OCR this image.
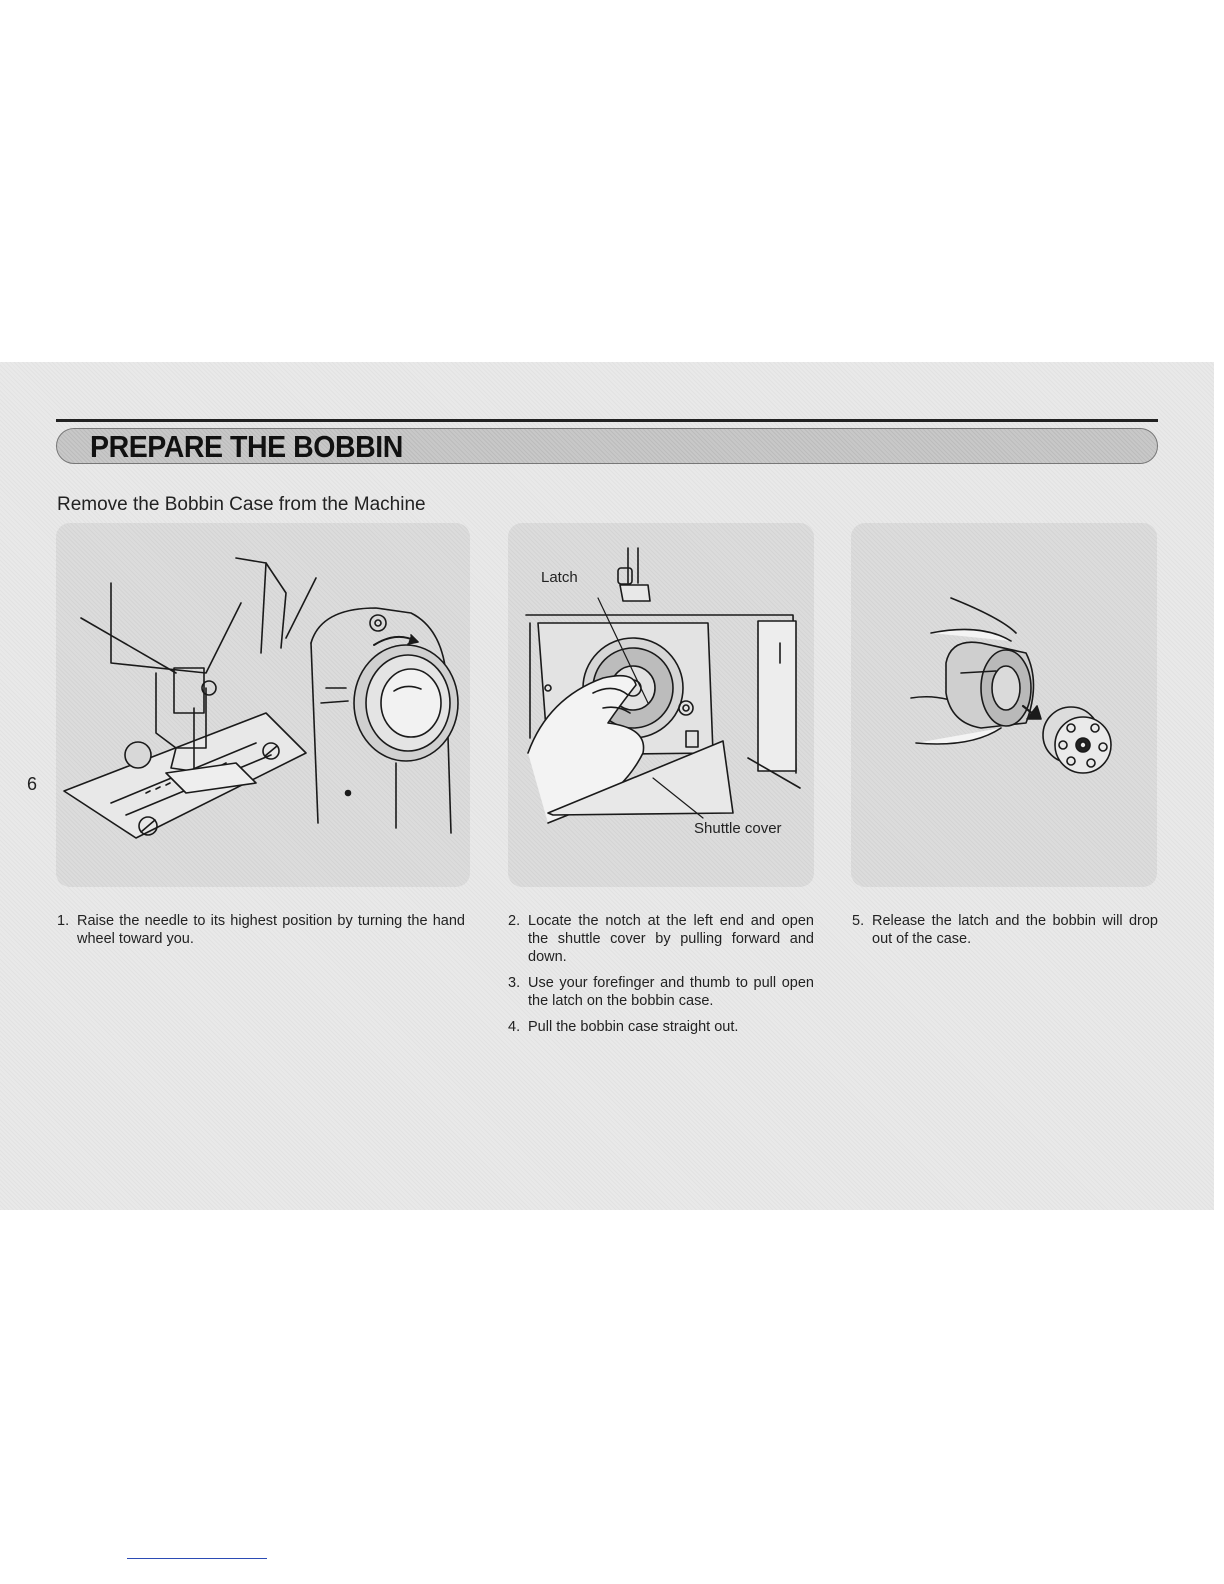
PREPARE THE BOBBIN
Remove the Bobbin Case from the Machine
6
Latch
Shuttle cover
1. Raise the needle to its highest position by turning the hand wheel toward you.
2. Locate the notch at the left end and open the shuttle cover by pulling forward and down.
3. Use your forefinger and thumb to pull open the latch on the bobbin case.
4. Pull the bobbin case straight out.
5. Release the latch and the bobbin will drop out of the case.
